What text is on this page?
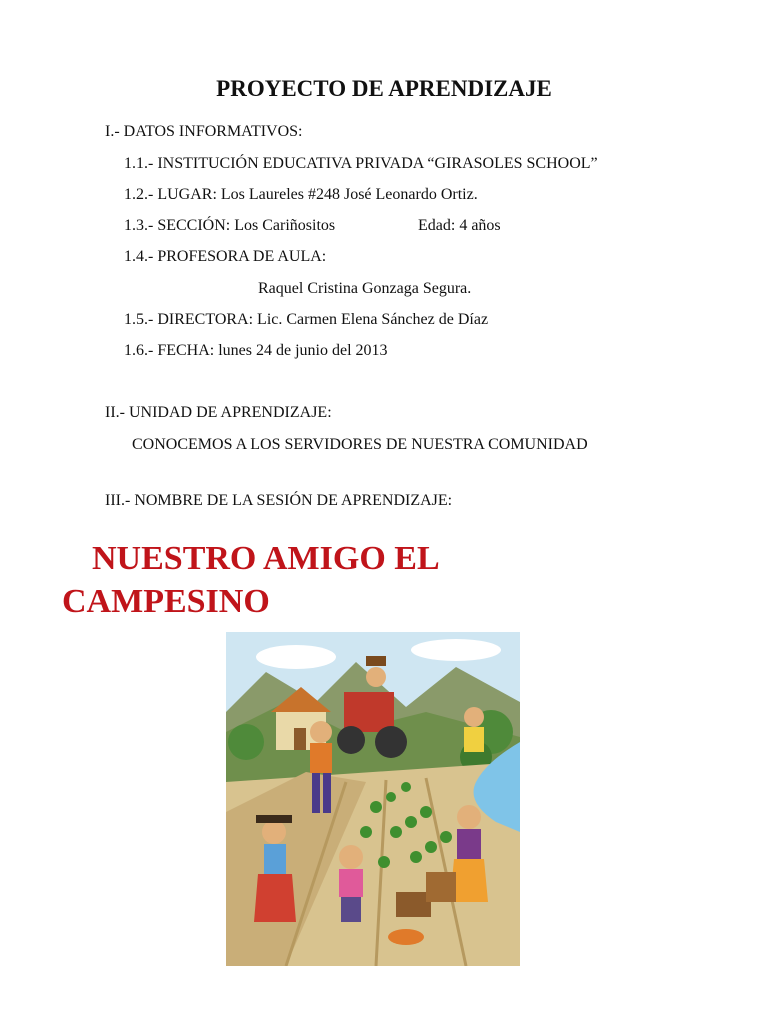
PROYECTO DE APRENDIZAJE
I.- DATOS INFORMATIVOS:
1.1.- INSTITUCIÓN EDUCATIVA PRIVADA “GIRASOLES SCHOOL”
1.2.- LUGAR: Los Laureles #248 José Leonardo Ortiz.
1.3.- SECCIÓN: Los Cariñositos	Edad: 4 años
1.4.- PROFESORA DE AULA:
Raquel Cristina Gonzaga Segura.
1.5.- DIRECTORA: Lic. Carmen Elena Sánchez de Díaz
1.6.- FECHA: lunes 24 de junio del 2013
II.- UNIDAD DE APRENDIZAJE:
CONOCEMOS A LOS SERVIDORES DE NUESTRA COMUNIDAD
III.- NOMBRE DE LA SESIÓN DE APRENDIZAJE:
NUESTRO AMIGO EL
CAMPESINO
